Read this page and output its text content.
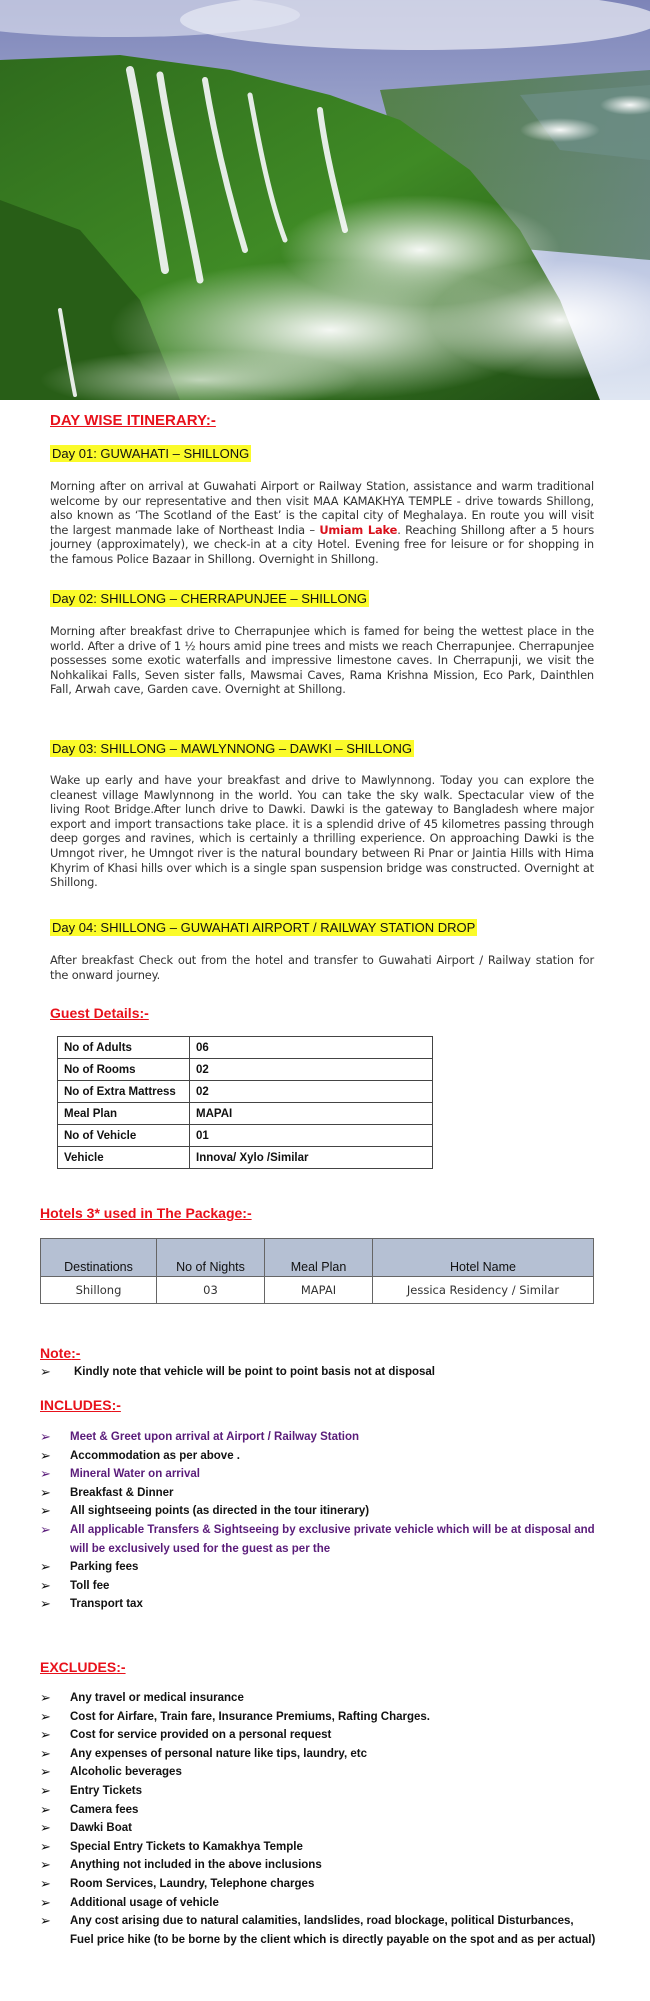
DAY WISE ITINERARY:-
Day 01: GUWAHATI – SHILLONG
Morning after on arrival at Guwahati Airport or Railway Station, assistance and warm traditional welcome by our representative and then visit MAA KAMAKHYA TEMPLE - drive towards Shillong, also known as ‘The Scotland of the East’ is the capital city of Meghalaya. En route you will visit the largest manmade lake of Northeast India – Umiam Lake. Reaching Shillong after a 5 hours journey (approximately), we check-in at a city Hotel. Evening free for leisure or for shopping in the famous Police Bazaar in Shillong. Overnight in Shillong.
Day 02: SHILLONG – CHERRAPUNJEE – SHILLONG
Morning after breakfast drive to Cherrapunjee which is famed for being the wettest place in the world. After a drive of 1 ½ hours amid pine trees and mists we reach Cherrapunjee. Cherrapunjee possesses some exotic waterfalls and impressive limestone caves. In Cherrapunji, we visit the Nohkalikai Falls, Seven sister falls, Mawsmai Caves, Rama Krishna Mission, Eco Park, Dainthlen Fall, Arwah cave, Garden cave. Overnight at Shillong.
Day 03: SHILLONG – MAWLYNNONG – DAWKI – SHILLONG
Wake up early and have your breakfast and drive to Mawlynnong. Today you can explore the cleanest village Mawlynnong in the world. You can take the sky walk. Spectacular view of the living Root Bridge.After lunch drive to Dawki. Dawki is the gateway to Bangladesh where major export and import transactions take place. it is a splendid drive of 45 kilometres passing through deep gorges and ravines, which is certainly a thrilling experience. On approaching Dawki is the Umngot river, he Umngot river is the natural boundary between Ri Pnar or Jaintia Hills with Hima Khyrim of Khasi hills over which is a single span suspension bridge was constructed. Overnight at Shillong.
Day 04: SHILLONG – GUWAHATI AIRPORT / RAILWAY STATION DROP
After breakfast Check out from the hotel and transfer to Guwahati Airport / Railway station for the onward journey.
Guest Details:-
No of Adults	06
No of Rooms	02
No of Extra Mattress	02
Meal Plan	MAPAI
No of Vehicle	01
Vehicle	Innova/ Xylo /Similar
Hotels 3* used in The Package:-
Destinations	No of Nights	Meal Plan	Hotel Name
Shillong	03	MAPAI	Jessica Residency / Similar
Note:-
➢ Kindly note that vehicle will be point to point basis not at disposal
INCLUDES:-
➢ Meet & Greet upon arrival at Airport / Railway Station
➢ Accommodation as per above .
➢ Mineral Water on arrival
➢ Breakfast & Dinner
➢ All sightseeing points (as directed in the tour itinerary)
➢ All applicable Transfers & Sightseeing by exclusive private vehicle which will be at disposal and will be exclusively used for the guest as per the
➢ Parking fees
➢ Toll fee
➢ Transport tax
EXCLUDES:-
➢ Any travel or medical insurance
➢ Cost for Airfare, Train fare, Insurance Premiums, Rafting Charges.
➢ Cost for service provided on a personal request
➢ Any expenses of personal nature like tips, laundry, etc
➢ Alcoholic beverages
➢ Entry Tickets
➢ Camera fees
➢ Dawki Boat
➢ Special Entry Tickets to Kamakhya Temple
➢ Anything not included in the above inclusions
➢ Room Services, Laundry, Telephone charges
➢ Additional usage of vehicle
➢ Any cost arising due to natural calamities, landslides, road blockage, political Disturbances, Fuel price hike (to be borne by the client which is directly payable on the spot and as per actual)
